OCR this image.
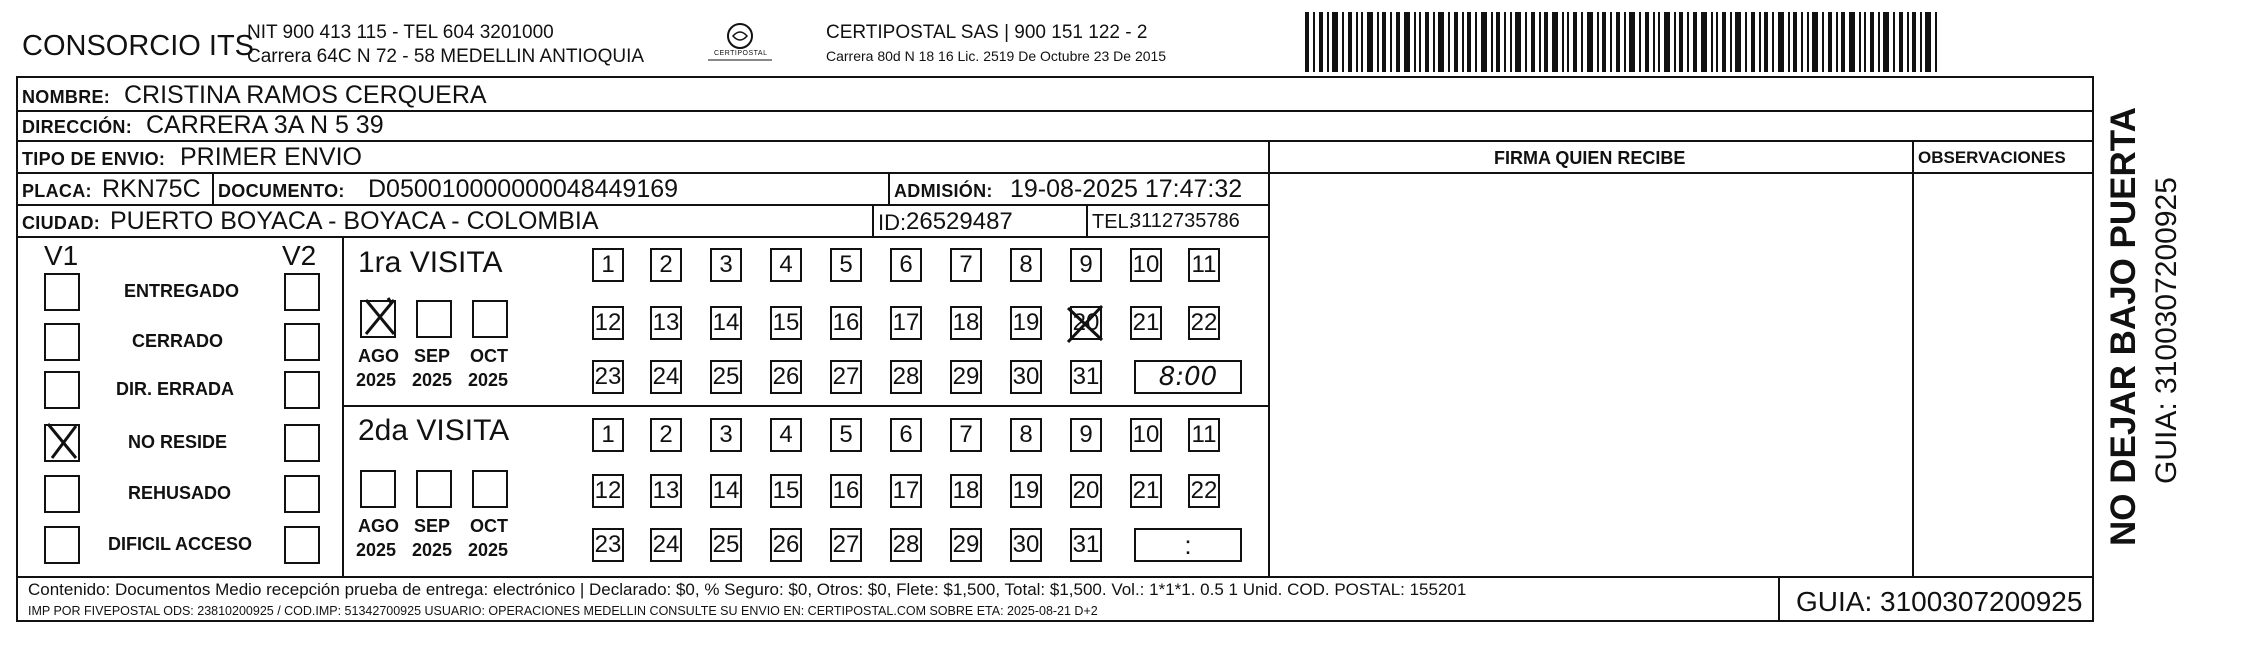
CONSORCIO ITS
NIT 900 413 115 - TEL 604 3201000
Carrera 64C N 72 - 58 MEDELLIN ANTIOQUIA	CERTIPOSTAL
CERTIPOSTAL SAS | 900 151 122 - 2
Carrera 80d N 18 16 Lic. 2519 De Octubre 23 De 2015
NOMBRE: CRISTINA RAMOS CERQUERA
DIRECCIÓN: CARRERA 3A N 5 39
TIPO DE ENVIO: PRIMER ENVIO	FIRMA QUIEN RECIBE	OBSERVACIONES
PLACA: RKN75C DOCUMENTO: D050010000000048449169	ADMISIÓN: 19-08-2025 17:47:32
CIUDAD: PUERTO BOYACA - BOYACA - COLOMBIA	ID: 26529487	TEL:
3112735786
V1	V2
ENTREGADO
CERRADO
DIR. ERRADA
NO RESIDE
REHUSADO
DIFICIL ACCESO
1ra VISITA
2da VISITA
AGO
2025
SEP
2025
OCT
2025
1	2	3	4	5	6	7	8	9	10 11
12 13 14 15 16 17 18 19 20 21 22
23 24 25 26 27 28 29 30 31	8:00
AGO
2025
SEP
2025
OCT
2025
1	2	3	4	5	6	7	8	9	10 11
12 13 14 15 16 17 18 19 20 21 22
23 24 25 26 27 28 29 30 31	:
Contenido: Documentos Medio recepción prueba de entrega: electrónico | Declarado: $0, % Seguro: $0, Otros: $0, Flete: $1,500, Total: $1,500. Vol.: 1*1*1. 0.5 1 Unid. COD. POSTAL: 155201
IMP POR FIVEPOSTAL ODS: 23810200925 / COD.IMP: 51342700925 USUARIO: OPERACIONES MEDELLIN CONSULTE SU ENVIO EN: CERTIPOSTAL.COM SOBRE ETA: 2025-08-21 D+2	GUIA: 3100307200925
NO DEJAR BAJO PUERTA GUIA: 3100307200925
